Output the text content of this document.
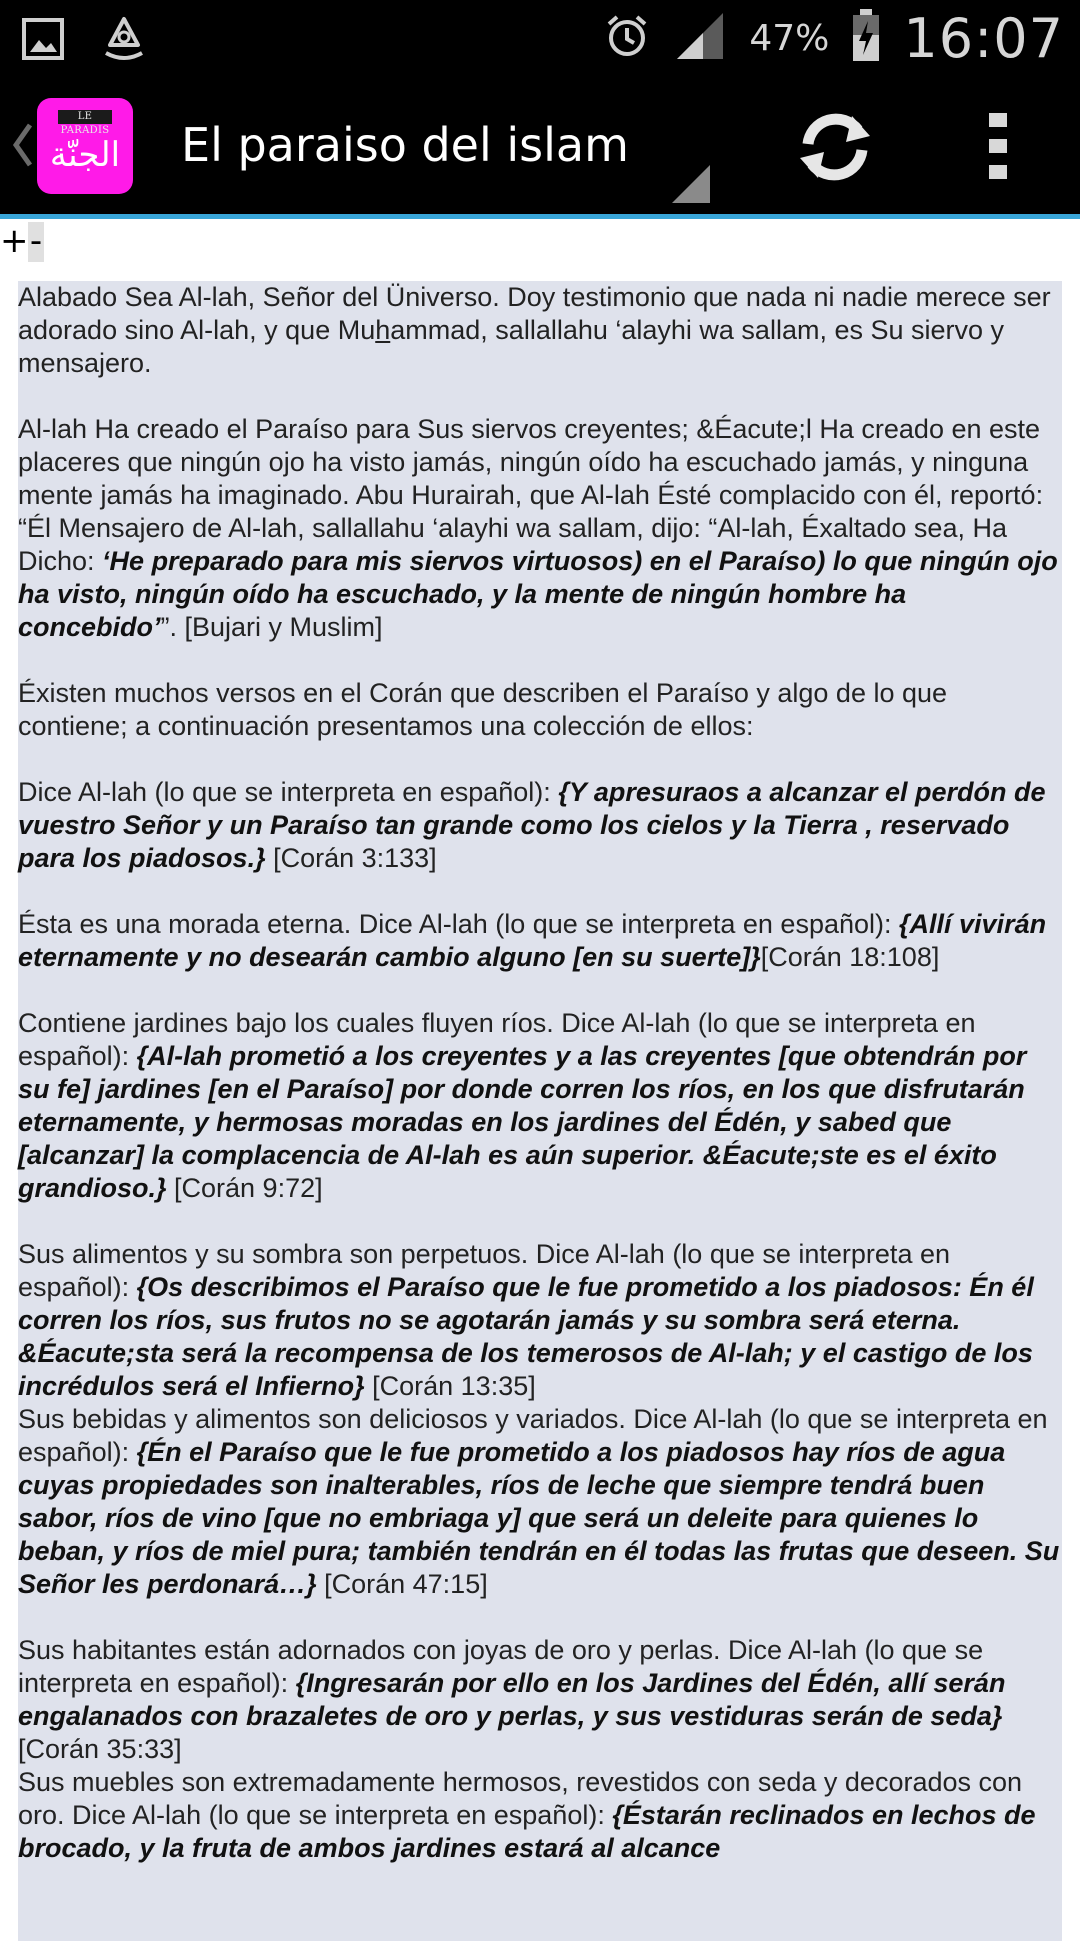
47% 16:07
LE PARADIS
الجنّة El paraiso del islam
+ -

Alabado Sea Al-lah, Señor del Üniverso. Doy testimonio que nada ni nadie merece ser adorado sino Al-lah, y que Muhammad, sallallahu ‘alayhi wa sallam, es Su siervo y mensajero.

Al-lah Ha creado el Paraíso para Sus siervos creyentes; &Éacute;l Ha creado en este placeres que ningún ojo ha visto jamás, ningún oído ha escuchado jamás, y ninguna mente jamás ha imaginado. Abu Hurairah, que Al-lah Ésté complacido con él, reportó: “Él Mensajero de Al-lah, sallallahu ‘alayhi wa sallam, dijo: “Al-lah, Éxaltado sea, Ha Dicho: ‘He preparado para mis siervos virtuosos) en el Paraíso) lo que ningún ojo ha visto, ningún oído ha escuchado, y la mente de ningún hombre ha concebido’”. [Bujari y Muslim]

Éxisten muchos versos en el Corán que describen el Paraíso y algo de lo que contiene; a continuación presentamos una colección de ellos:

Dice Al-lah (lo que se interpreta en español): {Y apresuraos a alcanzar el perdón de vuestro Señor y un Paraíso tan grande como los cielos y la Tierra , reservado para los piadosos.} [Corán 3:133]

Ésta es una morada eterna. Dice Al-lah (lo que se interpreta en español): {Allí vivirán eternamente y no desearán cambio alguno [en su suerte]}[Corán 18:108]

Contiene jardines bajo los cuales fluyen ríos. Dice Al-lah (lo que se interpreta en español): {Al-lah prometió a los creyentes y a las creyentes [que obtendrán por su fe] jardines [en el Paraíso] por donde corren los ríos, en los que disfrutarán eternamente, y hermosas moradas en los jardines del Édén, y sabed que [alcanzar] la complacencia de Al-lah es aún superior. &Éacute;ste es el éxito grandioso.} [Corán 9:72]

Sus alimentos y su sombra son perpetuos. Dice Al-lah (lo que se interpreta en español): {Os describimos el Paraíso que le fue prometido a los piadosos: Én él corren los ríos, sus frutos no se agotarán jamás y su sombra será eterna. &Éacute;sta será la recompensa de los temerosos de Al-lah; y el castigo de los incrédulos será el Infierno} [Corán 13:35]

Sus bebidas y alimentos son deliciosos y variados. Dice Al-lah (lo que se interpreta en español): {Én el Paraíso que le fue prometido a los piadosos hay ríos de agua cuyas propiedades son inalterables, ríos de leche que siempre tendrá buen sabor, ríos de vino [que no embriaga y] que será un deleite para quienes lo beban, y ríos de miel pura; también tendrán en él todas las frutas que deseen. Su Señor les perdonará…} [Corán 47:15]

Sus habitantes están adornados con joyas de oro y perlas. Dice Al-lah (lo que se interpreta en español): {Ingresarán por ello en los Jardines del Édén, allí serán engalanados con brazaletes de oro y perlas, y sus vestiduras serán de seda} [Corán 35:33]

Sus muebles son extremadamente hermosos, revestidos con seda y decorados con oro. Dice Al-lah (lo que se interpreta en español): {Éstarán reclinados en lechos de brocado, y la fruta de ambos jardines estará al alcance
